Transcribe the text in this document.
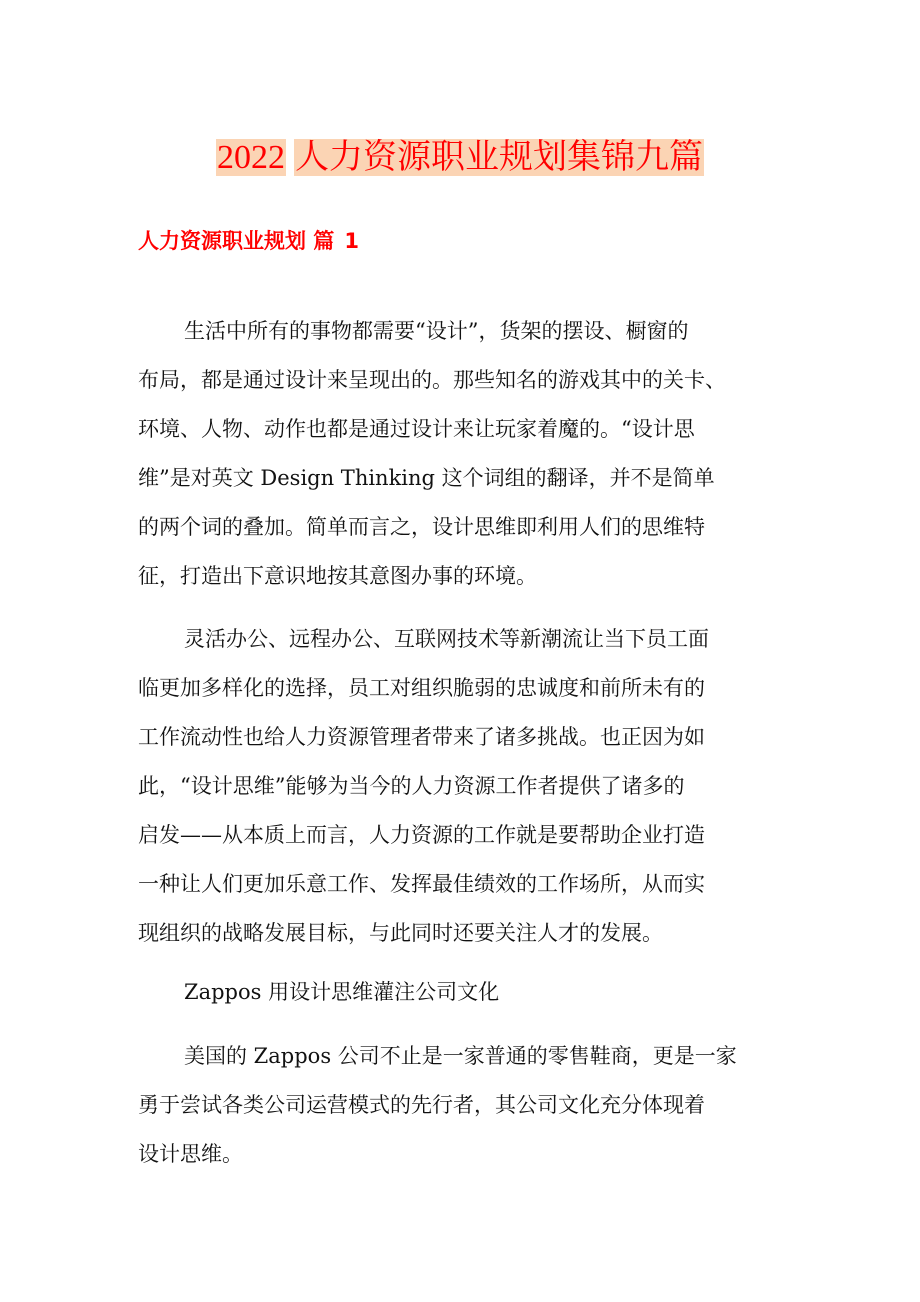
2022 人力资源职业规划集锦九篇
人力资源职业规划 篇 1
生活中所有的事物都需要“设计”，货架的摆设、橱窗的
布局，都是通过设计来呈现出的。那些知名的游戏其中的关卡、
环境、人物、动作也都是通过设计来让玩家着魔的。“设计思
维”是对英文 Design Thinking 这个词组的翻译，并不是简单
的两个词的叠加。简单而言之，设计思维即利用人们的思维特
征，打造出下意识地按其意图办事的环境。
灵活办公、远程办公、互联网技术等新潮流让当下员工面
临更加多样化的选择，员工对组织脆弱的忠诚度和前所未有的
工作流动性也给人力资源管理者带来了诸多挑战。也正因为如
此，“设计思维”能够为当今的人力资源工作者提供了诸多的
启发——从本质上而言，人力资源的工作就是要帮助企业打造
一种让人们更加乐意工作、发挥最佳绩效的工作场所，从而实
现组织的战略发展目标，与此同时还要关注人才的发展。
Zappos 用设计思维灌注公司文化
美国的 Zappos 公司不止是一家普通的零售鞋商，更是一家
勇于尝试各类公司运营模式的先行者，其公司文化充分体现着
设计思维。
